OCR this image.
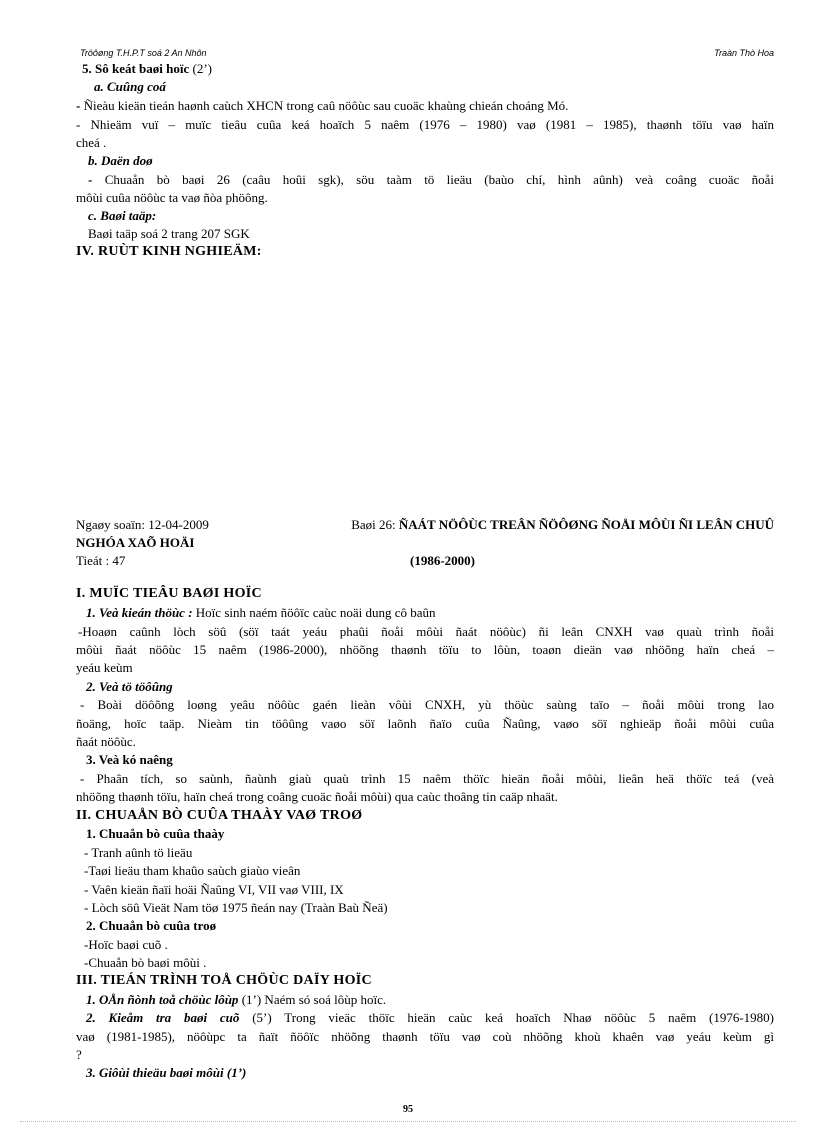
Tröôøng T.H.P.T soá 2 An Nhôn	Traàn Thò Hoa
5. Sô keát baøi hoïc (2’)
a. Cuûng coá
- Ñieàu kieän tieán haønh caùch XHCN trong caû nöôùc sau cuoäc khaùng chieán choáng Mó.
- Nhieäm vuï – muïc tieâu cuûa keá hoaïch 5 naêm (1976 – 1980) vaø (1981 – 1985), thaønh töïu vaø haïn
cheá .
b. Daën doø
- Chuaån bò baøi 26 (caâu hoûi sgk), söu taàm tö lieäu (baùo chí, hình aûnh) veà coâng cuoäc ñoåi
môùi cuûa nöôùc ta vaø ñòa phöông.
c. Baøi taäp:
Baøi taäp soá 2 trang 207 SGK
IV. RUÙT KINH NGHIEÄM:
Ngaøy soaïn: 12-04-2009	Baøi 26: ÑAÁT NÖÔÙC TREÂN ÑÖÔØNG ÑOÅI MÔÙI ÑI LEÂN CHUÛ
NGHÓA XAÕ HOÄI
Tieát : 47	(1986-2000)
I. MUÏC TIEÂU BAØI HOÏC
1. Veà kieán thöùc : Hoïc sinh naém ñöôïc caùc noäi dung cô baûn
-Hoaøn caûnh lòch söû (söï taát yeáu phaûi ñoåi môùi ñaát nöôùc) ñi leân CNXH vaø quaù trình ñoåi
môùi ñaát nöôùc 15 naêm (1986-2000), nhöõng thaønh töïu to lôùn, toaøn dieän vaø nhöõng haïn cheá –
yeáu keùm
2. Veà tö töôûng
- Boài döôõng loøng yeâu nöôùc gaén lieàn vôùi CNXH, yù thöùc saùng taïo – ñoåi môùi trong lao
ñoäng, hoïc taäp. Nieàm tin töôûng vaøo söï laõnh ñaïo cuûa Ñaûng, vaøo söï nghieäp ñoåi môùi cuûa
ñaát nöôùc.
3. Veà kó naêng
- Phaân tích, so saùnh, ñaùnh giaù quaù trình 15 naêm thöïc hieän ñoåi môùi, lieân heä thöïc teá (veà
nhöõng thaønh töïu, haïn cheá trong coâng cuoäc ñoåi môùi) qua caùc thoâng tin caäp nhaät.
II. CHUAÅN BÒ CUÛA THAÀY VAØ TROØ
1. Chuaån bò cuûa thaày
- Tranh aûnh tö lieäu
-Taøi lieäu tham khaûo saùch giaùo vieân
- Vaên kieän ñaïi hoäi Ñaûng VI, VII vaø VIII, IX
- Lòch söû Vieät Nam töø 1975 ñeán nay (Traàn Baù Ñeä)
2. Chuaån bò cuûa troø
-Hoïc baøi cuõ .
-Chuaån bò baøi môùi .
III. TIEÁN TRÌNH TOÅ CHÖÙC DAÏY HOÏC
1. OÅn ñònh toå chöùc lôùp (1’) Naém só soá lôùp hoïc.
2. Kieåm tra baøi cuõ (5’) Trong vieäc thöïc hieän caùc keá hoaïch Nhaø nöôùc 5 naêm (1976-1980)
vaø (1981-1985), nöôùpc ta ñaït ñöôïc nhöõng thaønh töïu vaø coù nhöõng khoù khaên vaø yeáu keùm gì
?
3. Giôùi thieäu baøi môùi (1’)
95
